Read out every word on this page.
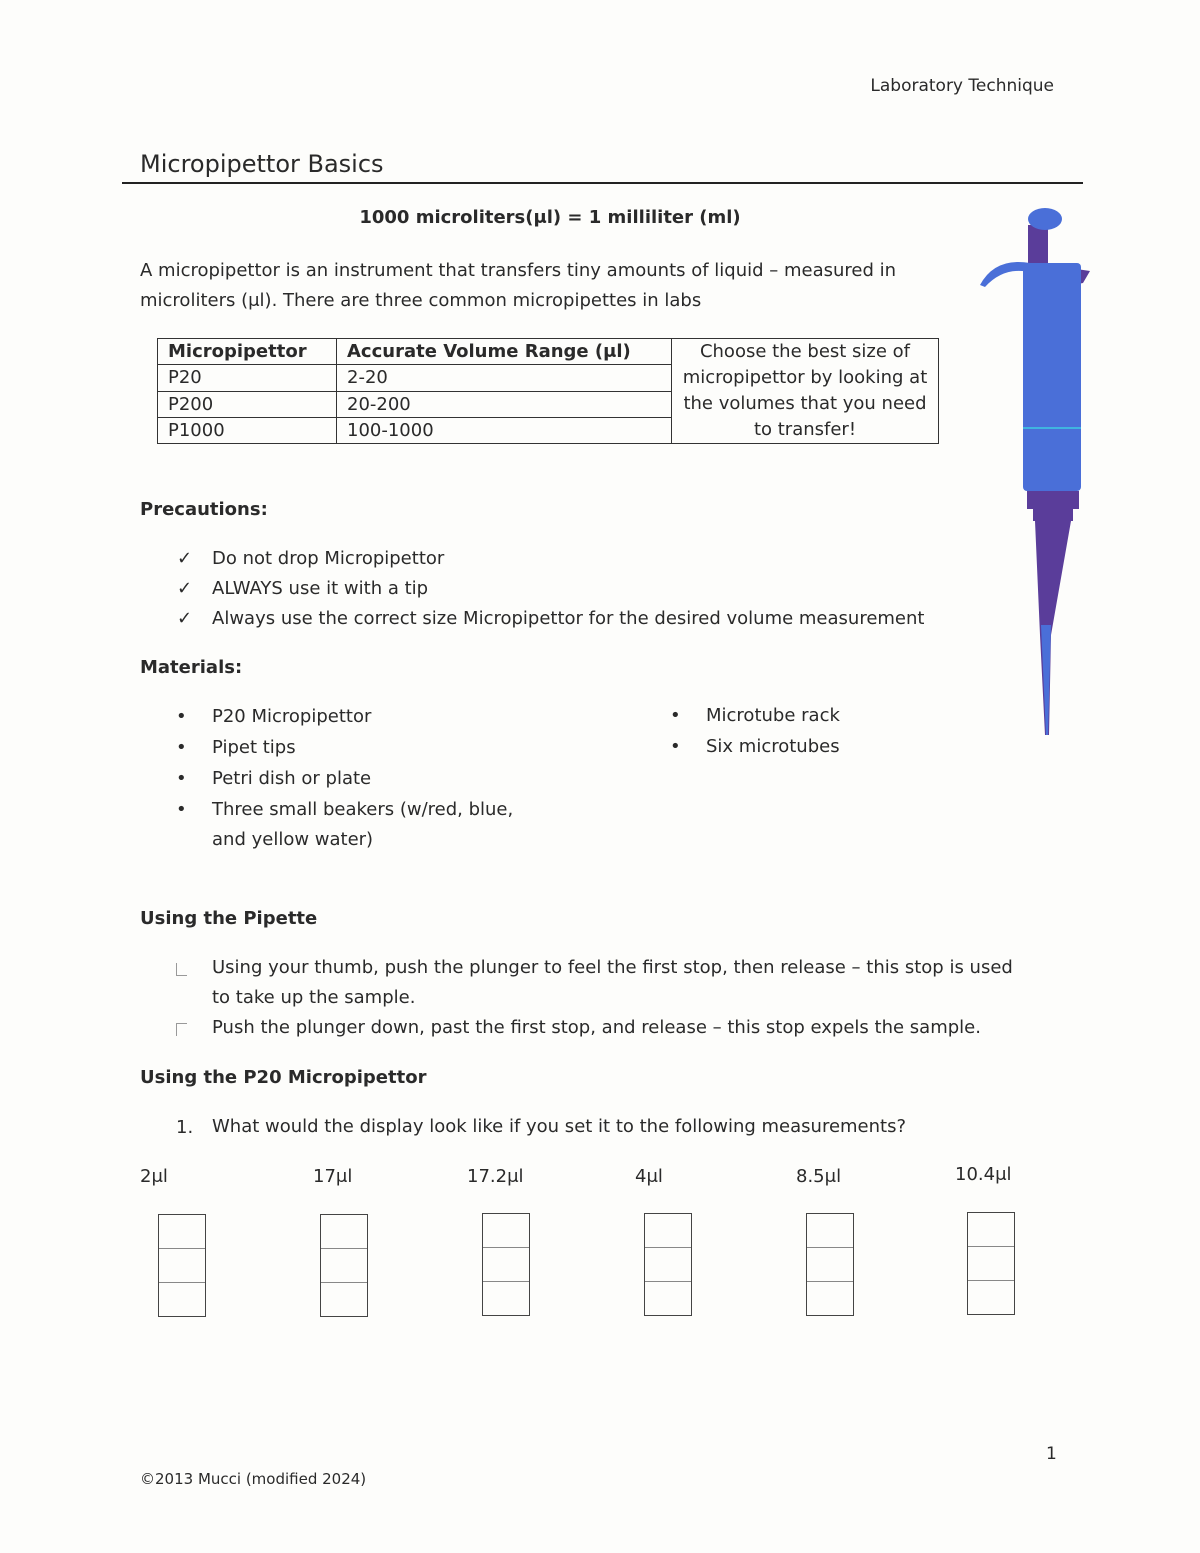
Laboratory Technique
Micropipettor Basics
1000 microliters(μl) = 1 milliliter (ml)
A micropipettor is an instrument that transfers tiny amounts of liquid – measured in
microliters (μl). There are three common micropipettes in labs
Micropipettor	Accurate Volume Range (μl)	Choose the best size of micropipettor by looking at the volumes that you need to transfer!
P20	2-20	
P200	20-200	
P1000	100-1000	
Precautions:
✓ Do not drop Micropipettor
✓ ALWAYS use it with a tip
✓ Always use the correct size Micropipettor for the desired volume measurement
Materials:
• P20 Micropipettor
• Pipet tips
• Petri dish or plate
• Three small beakers (w/red, blue,
and yellow water)
• Microtube rack
• Six microtubes
Using the Pipette
Using your thumb, push the plunger to feel the first stop, then release – this stop is used
to take up the sample.
Push the plunger down, past the first stop, and release – this stop expels the sample.
Using the P20 Micropipettor
1. What would the display look like if you set it to the following measurements?
2μl	17μl	17.2μl	4μl	8.5μl	10.4μl
1
©2013 Mucci (modified 2024)
